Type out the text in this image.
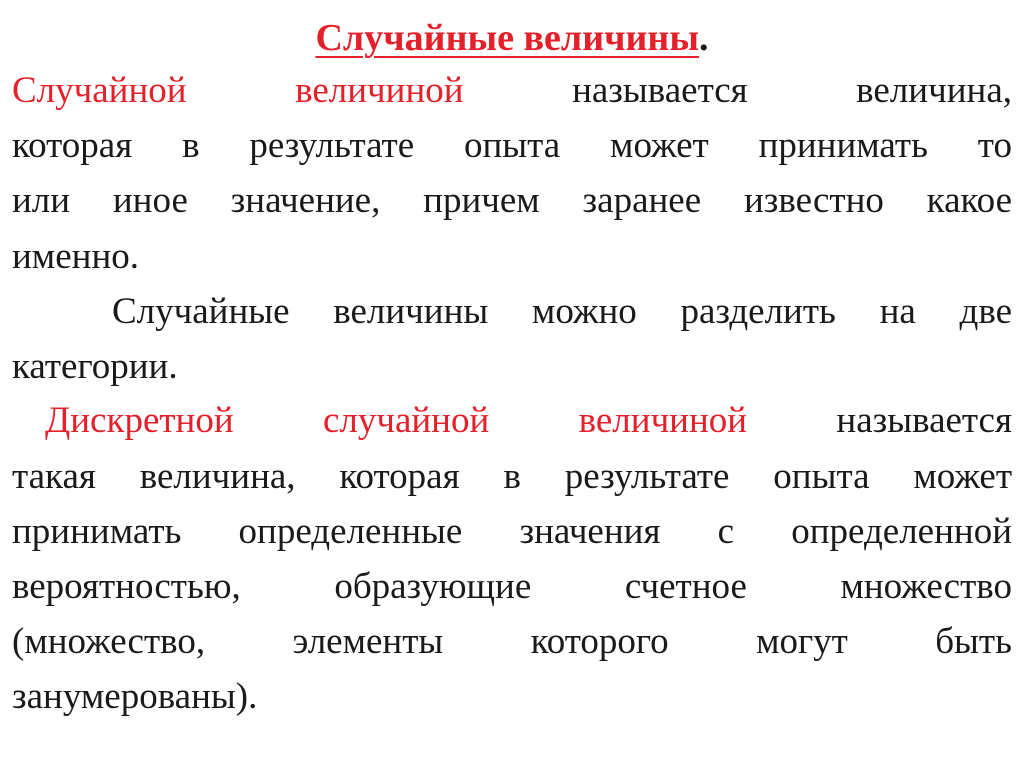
Случайные величины.
Случайной	величиной	называется	величина,
которая в результате опыта может принимать то
или иное значение, причем заранее известно какое
именно.
Случайные величины можно разделить на две
категории.
Дискретной случайной величиной называется
такая величина, которая в результате опыта может
принимать определенные значения с определенной
вероятностью,	образующие	счетное	множество
(множество, элементы которого могут быть
занумерованы).
